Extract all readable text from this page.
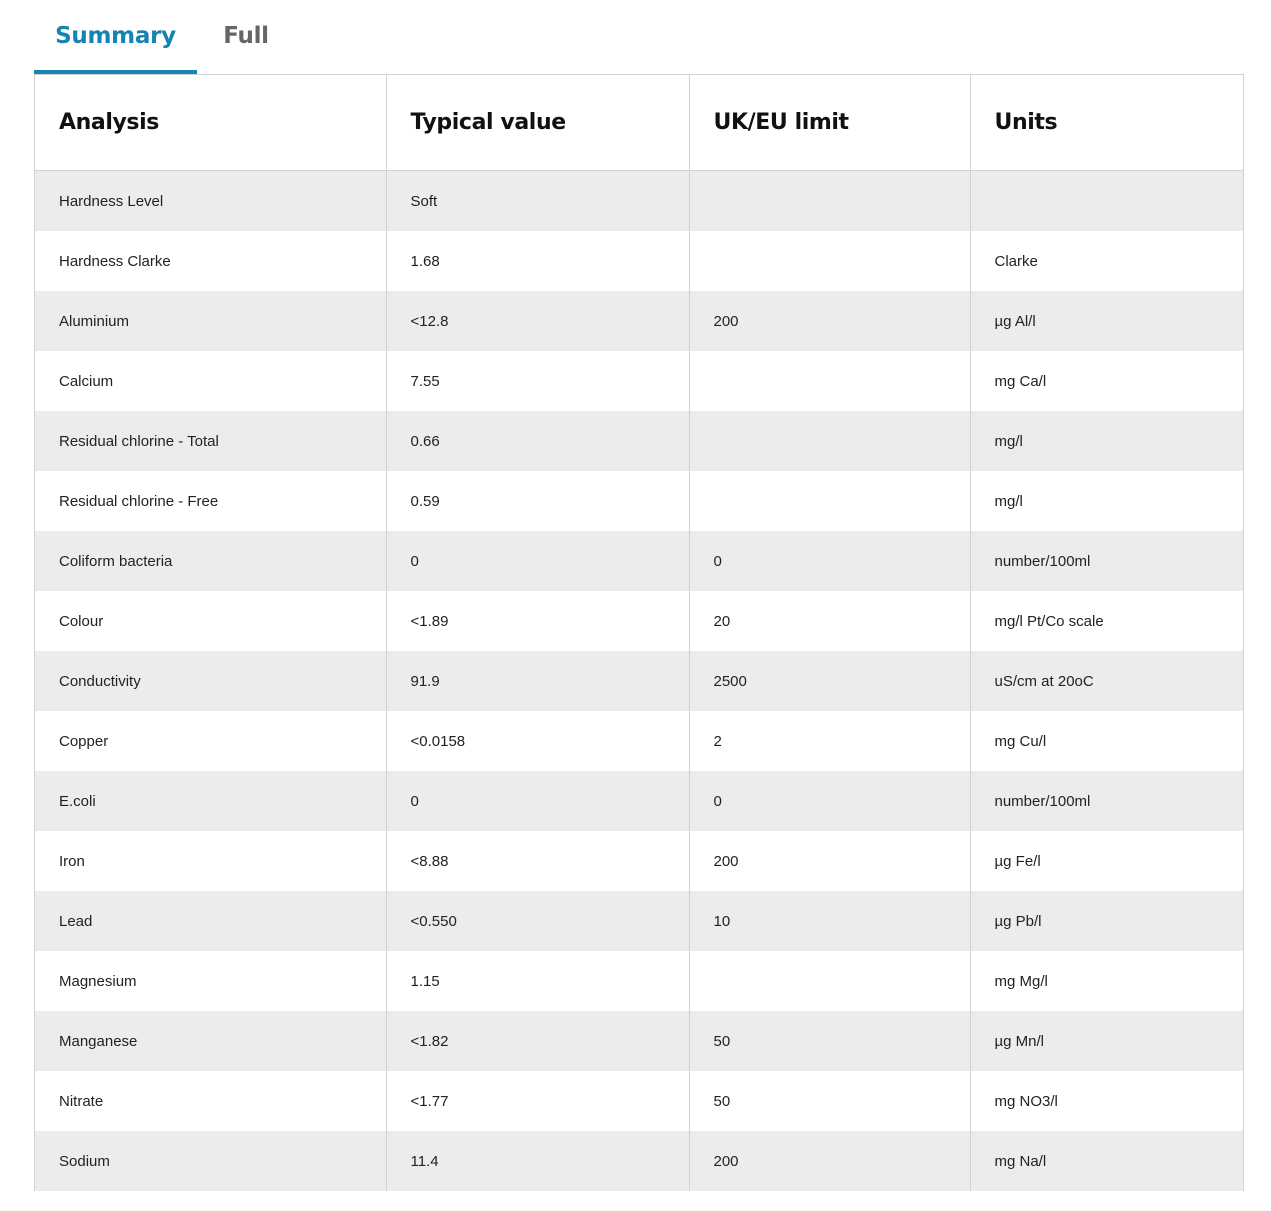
Summary	Full
Analysis	Typical value	UK/EU limit	Units
Hardness Level	Soft		
Hardness Clarke	1.68		Clarke
Aluminium	<12.8	200	µg Al/l
Calcium	7.55		mg Ca/l
Residual chlorine - Total	0.66		mg/l
Residual chlorine - Free	0.59		mg/l
Coliform bacteria	0	0	number/100ml
Colour	<1.89	20	mg/l Pt/Co scale
Conductivity	91.9	2500	uS/cm at 20oC
Copper	<0.0158	2	mg Cu/l
E.coli	0	0	number/100ml
Iron	<8.88	200	µg Fe/l
Lead	<0.550	10	µg Pb/l
Magnesium	1.15		mg Mg/l
Manganese	<1.82	50	µg Mn/l
Nitrate	<1.77	50	mg NO3/l
Sodium	11.4	200	mg Na/l
